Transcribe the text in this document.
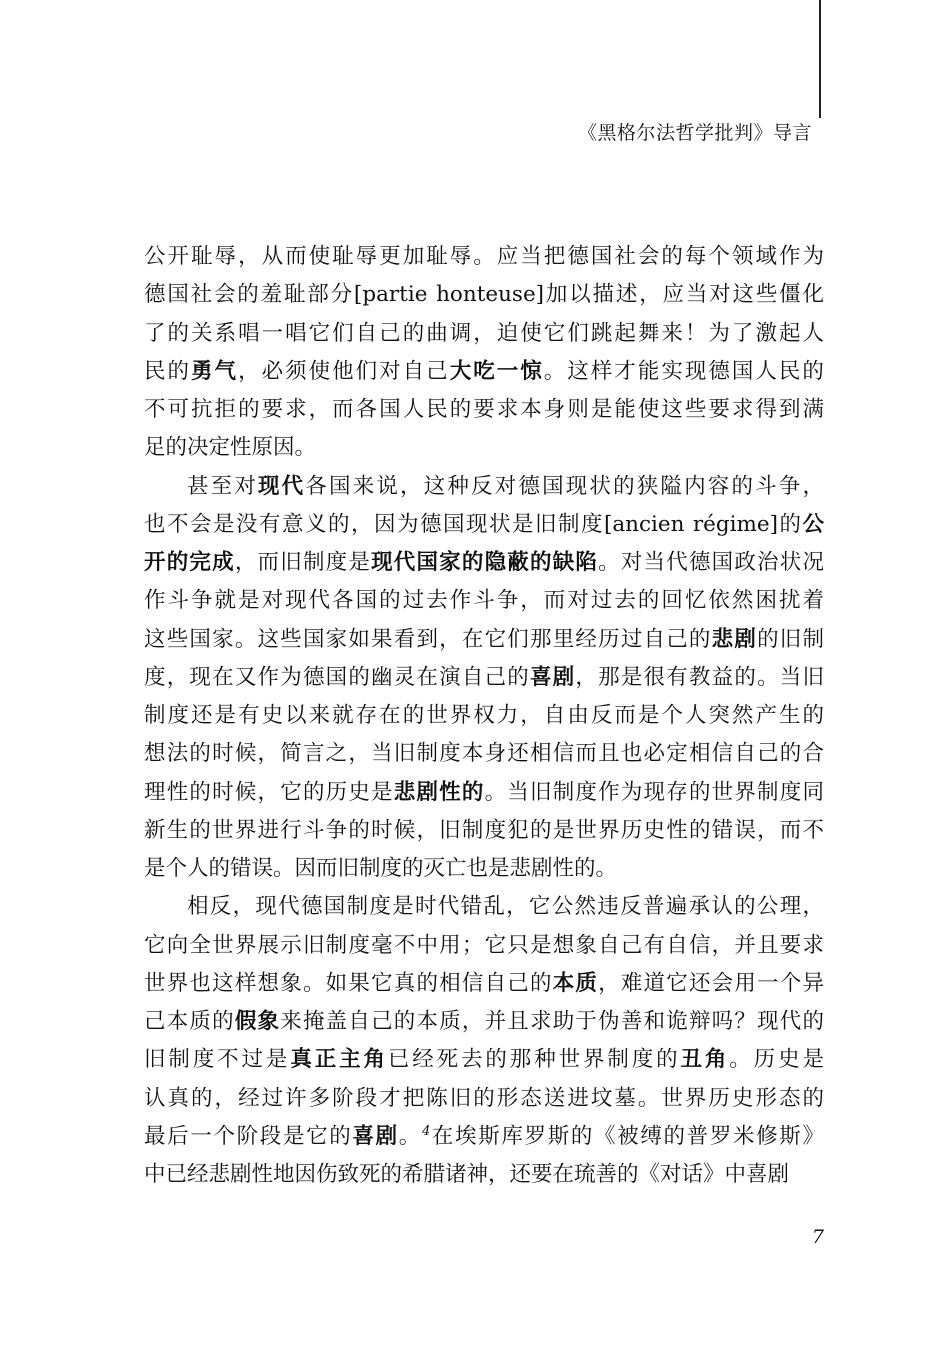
《黑格尔法哲学批判》导言
公开耻辱，从而使耻辱更加耻辱。应当把德国社会的每个领域作为
德国社会的羞耻部分[partie honteuse]加以描述，应当对这些僵化
了的关系唱一唱它们自己的曲调，迫使它们跳起舞来！为了激起人
民的勇气，必须使他们对自己大吃一惊。这样才能实现德国人民的
不可抗拒的要求，而各国人民的要求本身则是能使这些要求得到满
足的决定性原因。
甚至对现代各国来说，这种反对德国现状的狭隘内容的斗争，
也不会是没有意义的，因为德国现状是旧制度[ancien régime]的公
开的完成，而旧制度是现代国家的隐蔽的缺陷。对当代德国政治状况
作斗争就是对现代各国的过去作斗争，而对过去的回忆依然困扰着
这些国家。这些国家如果看到，在它们那里经历过自己的悲剧的旧制
度，现在又作为德国的幽灵在演自己的喜剧，那是很有教益的。当旧
制度还是有史以来就存在的世界权力，自由反而是个人突然产生的
想法的时候，简言之，当旧制度本身还相信而且也必定相信自己的合
理性的时候，它的历史是悲剧性的。当旧制度作为现存的世界制度同
新生的世界进行斗争的时候，旧制度犯的是世界历史性的错误，而不
是个人的错误。因而旧制度的灭亡也是悲剧性的。
相反，现代德国制度是时代错乱，它公然违反普遍承认的公理，
它向全世界展示旧制度毫不中用；它只是想象自己有自信，并且要求
世界也这样想象。如果它真的相信自己的本质，难道它还会用一个异
己本质的假象来掩盖自己的本质，并且求助于伪善和诡辩吗？现代的
旧制度不过是真正主角已经死去的那种世界制度的丑角。历史是
认真的，经过许多阶段才把陈旧的形态送进坟墓。世界历史形态的
最后一个阶段是它的喜剧。$^4$在埃斯库罗斯的《被缚的普罗米修斯》
中已经悲剧性地因伤致死的希腊诸神，还要在琉善的《对话》中喜剧
7
